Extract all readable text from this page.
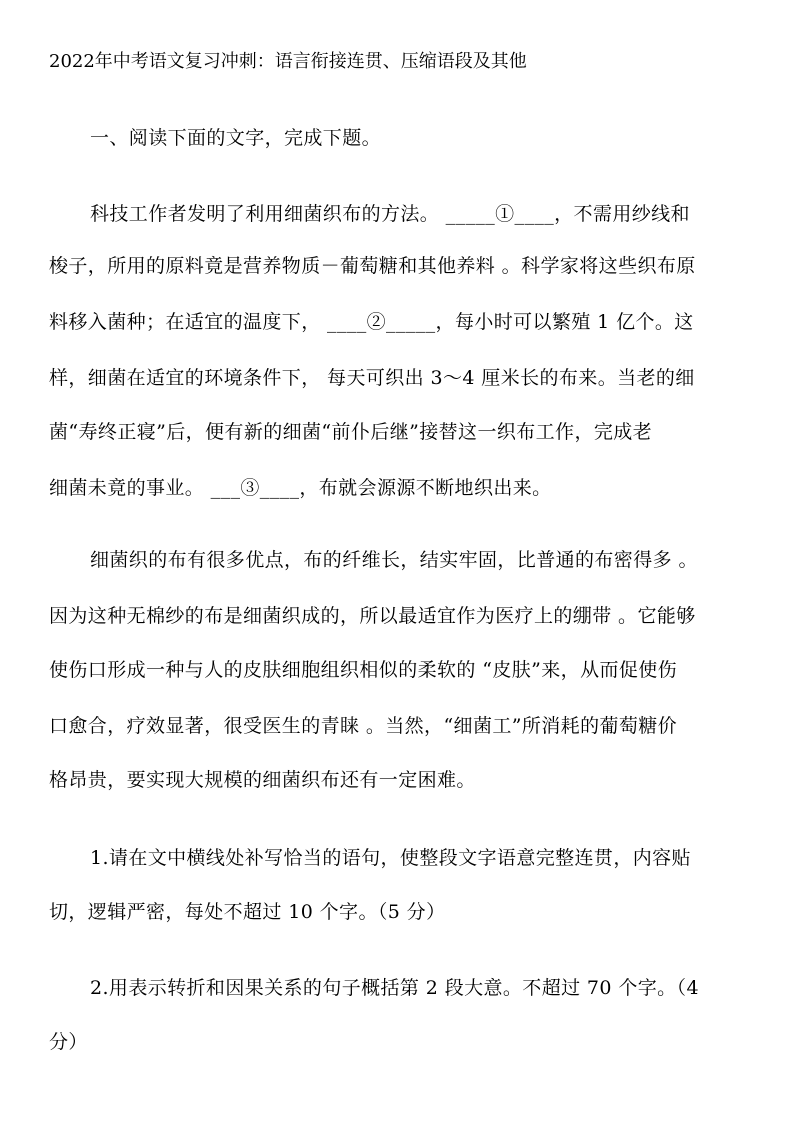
2022年中考语文复习冲刺：语言衔接连贯、压缩语段及其他
一、阅读下面的文字，完成下题。
科技工作者发明了利用细菌织布的方法。 _____①____，不需用纱线和
梭子，所用的原料竟是营养物质－葡萄糖和其他养料 。科学家将这些织布原
料移入菌种；在适宜的温度下， ____②_____，每小时可以繁殖 1 亿个。这
样，细菌在适宜的环境条件下， 每天可织出 3～4 厘米长的布来。当老的细
菌“寿终正寝”后，便有新的细菌“前仆后继”接替这一织布工作，完成老
细菌未竟的事业。 ___③____，布就会源源不断地织出来。
细菌织的布有很多优点，布的纤维长，结实牢固，比普通的布密得多 。
因为这种无棉纱的布是细菌织成的，所以最适宜作为医疗上的绷带 。它能够
使伤口形成一种与人的皮肤细胞组织相似的柔软的 “皮肤”来，从而促使伤
口愈合，疗效显著，很受医生的青睐 。当然，“细菌工”所消耗的葡萄糖价
格昂贵，要实现大规模的细菌织布还有一定困难。
1.请在文中横线处补写恰当的语句，使整段文字语意完整连贯，内容贴
切，逻辑严密，每处不超过 10 个字。（5 分）
2.用表示转折和因果关系的句子概括第 2 段大意。不超过 70 个字。（4
分）
